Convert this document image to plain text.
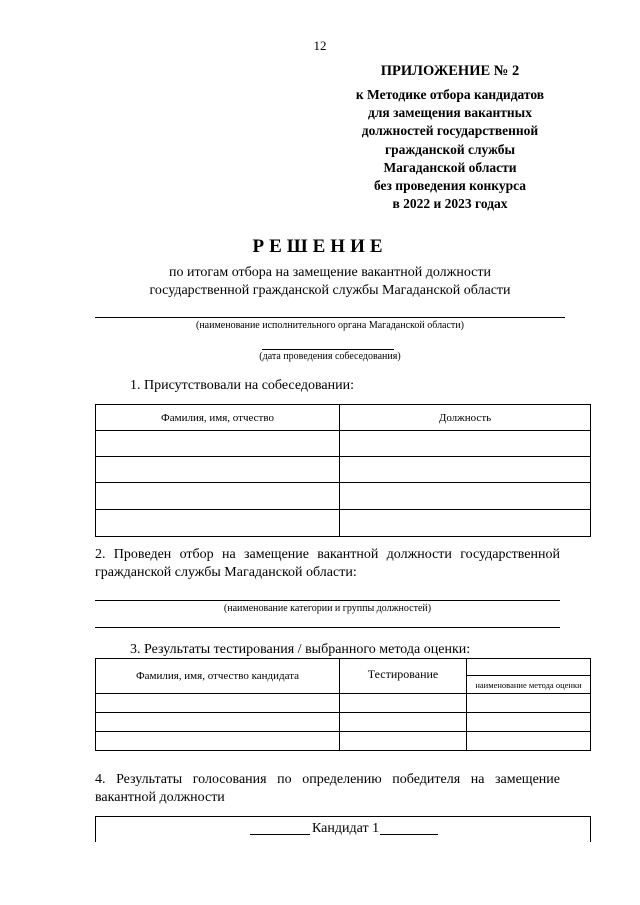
12
ПРИЛОЖЕНИЕ № 2
к Методике отбора кандидатов
для замещения вакантных
должностей государственной
гражданской службы
Магаданской области
без проведения конкурса
в 2022 и 2023 годах
РЕШЕНИЕ
по итогам отбора на замещение вакантной должности
государственной гражданской службы Магаданской области
(наименование исполнительного органа Магаданской области)
(дата проведения собеседования)
1. Присутствовали на собеседовании:
Фамилия, имя, отчество	Должность

2. Проведен отбор на замещение вакантной должности государственной
гражданской службы Магаданской области:
(наименование категории и группы должностей)
3. Результаты тестирования / выбранного метода оценки:
Фамилия, имя, отчество кандидата	Тестирование	
		наименование метода оценки

4. Результаты голосования по определению победителя на замещение
вакантной должности
Кандидат 1
